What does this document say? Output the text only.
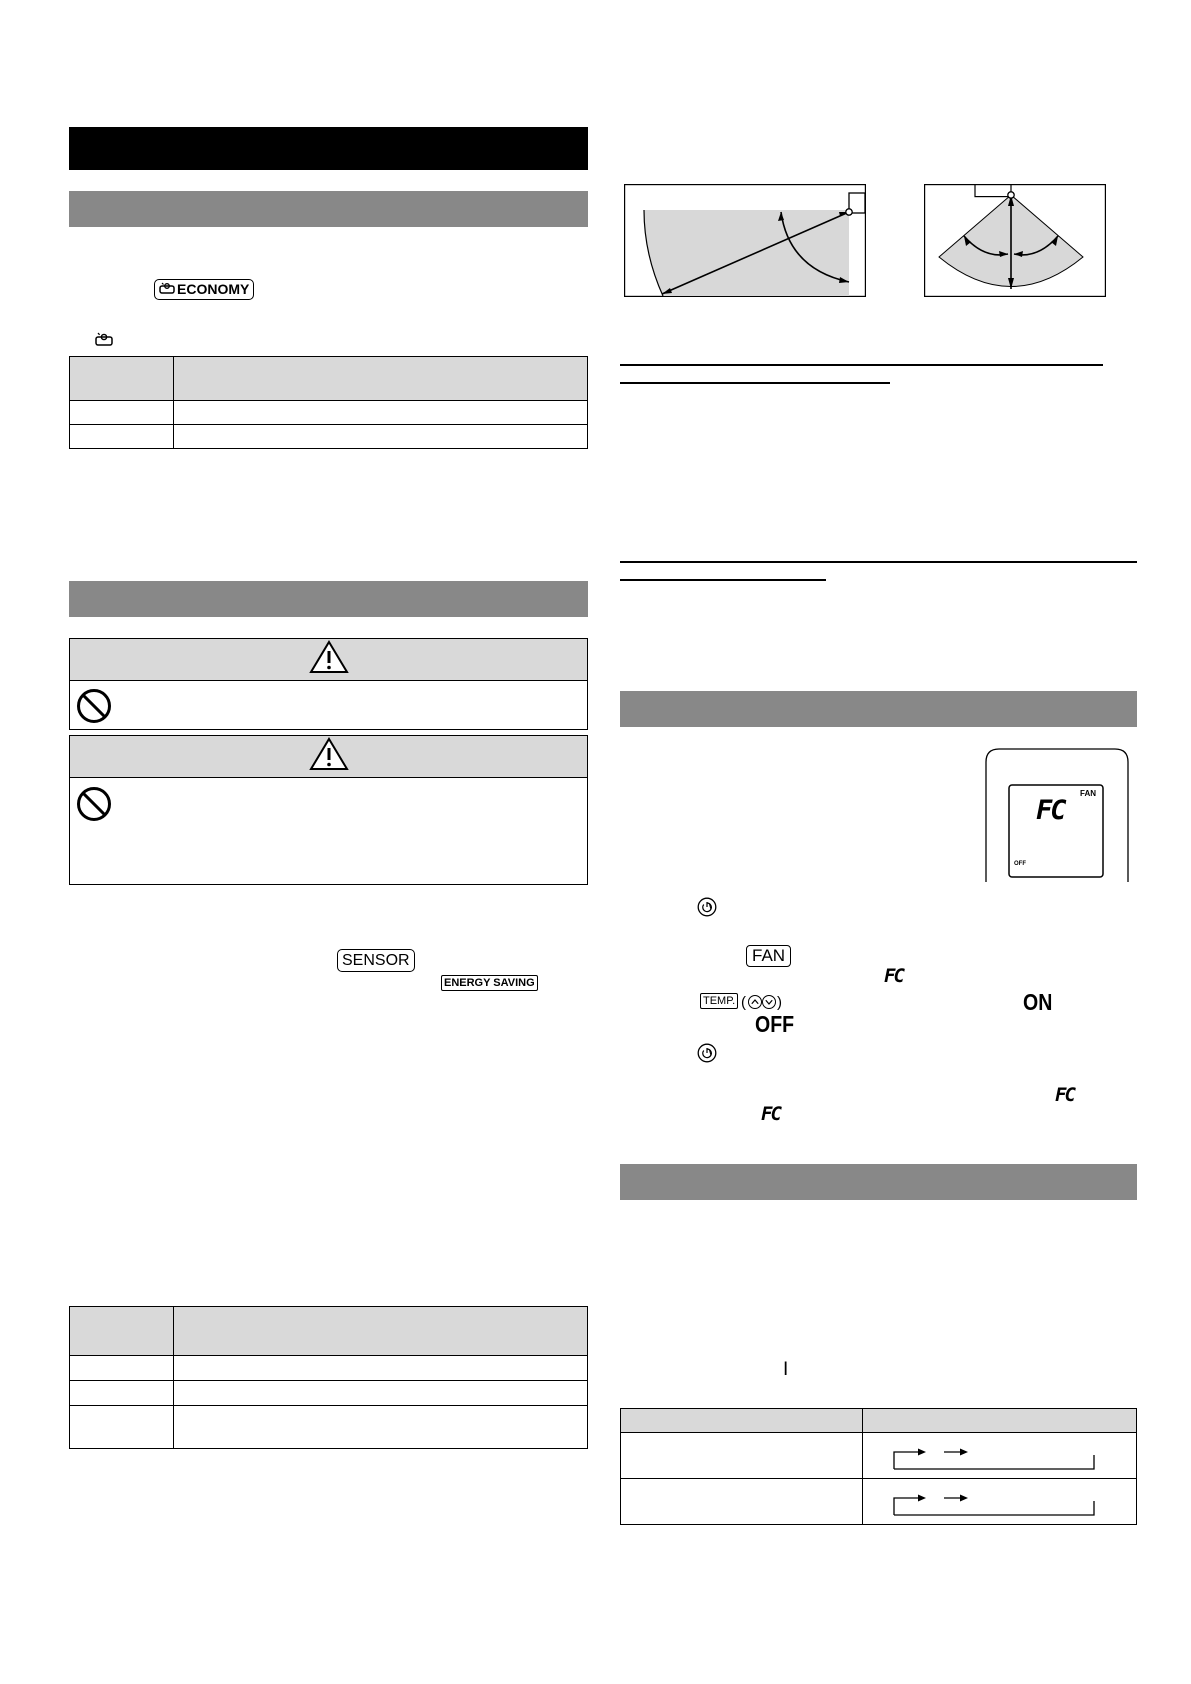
ECONOMY

SENSOR
ENERGY SAVING

FC
FAN
OFF
FAN
FC
TEMP. ( )	ON
OFF
FC
FC
I
